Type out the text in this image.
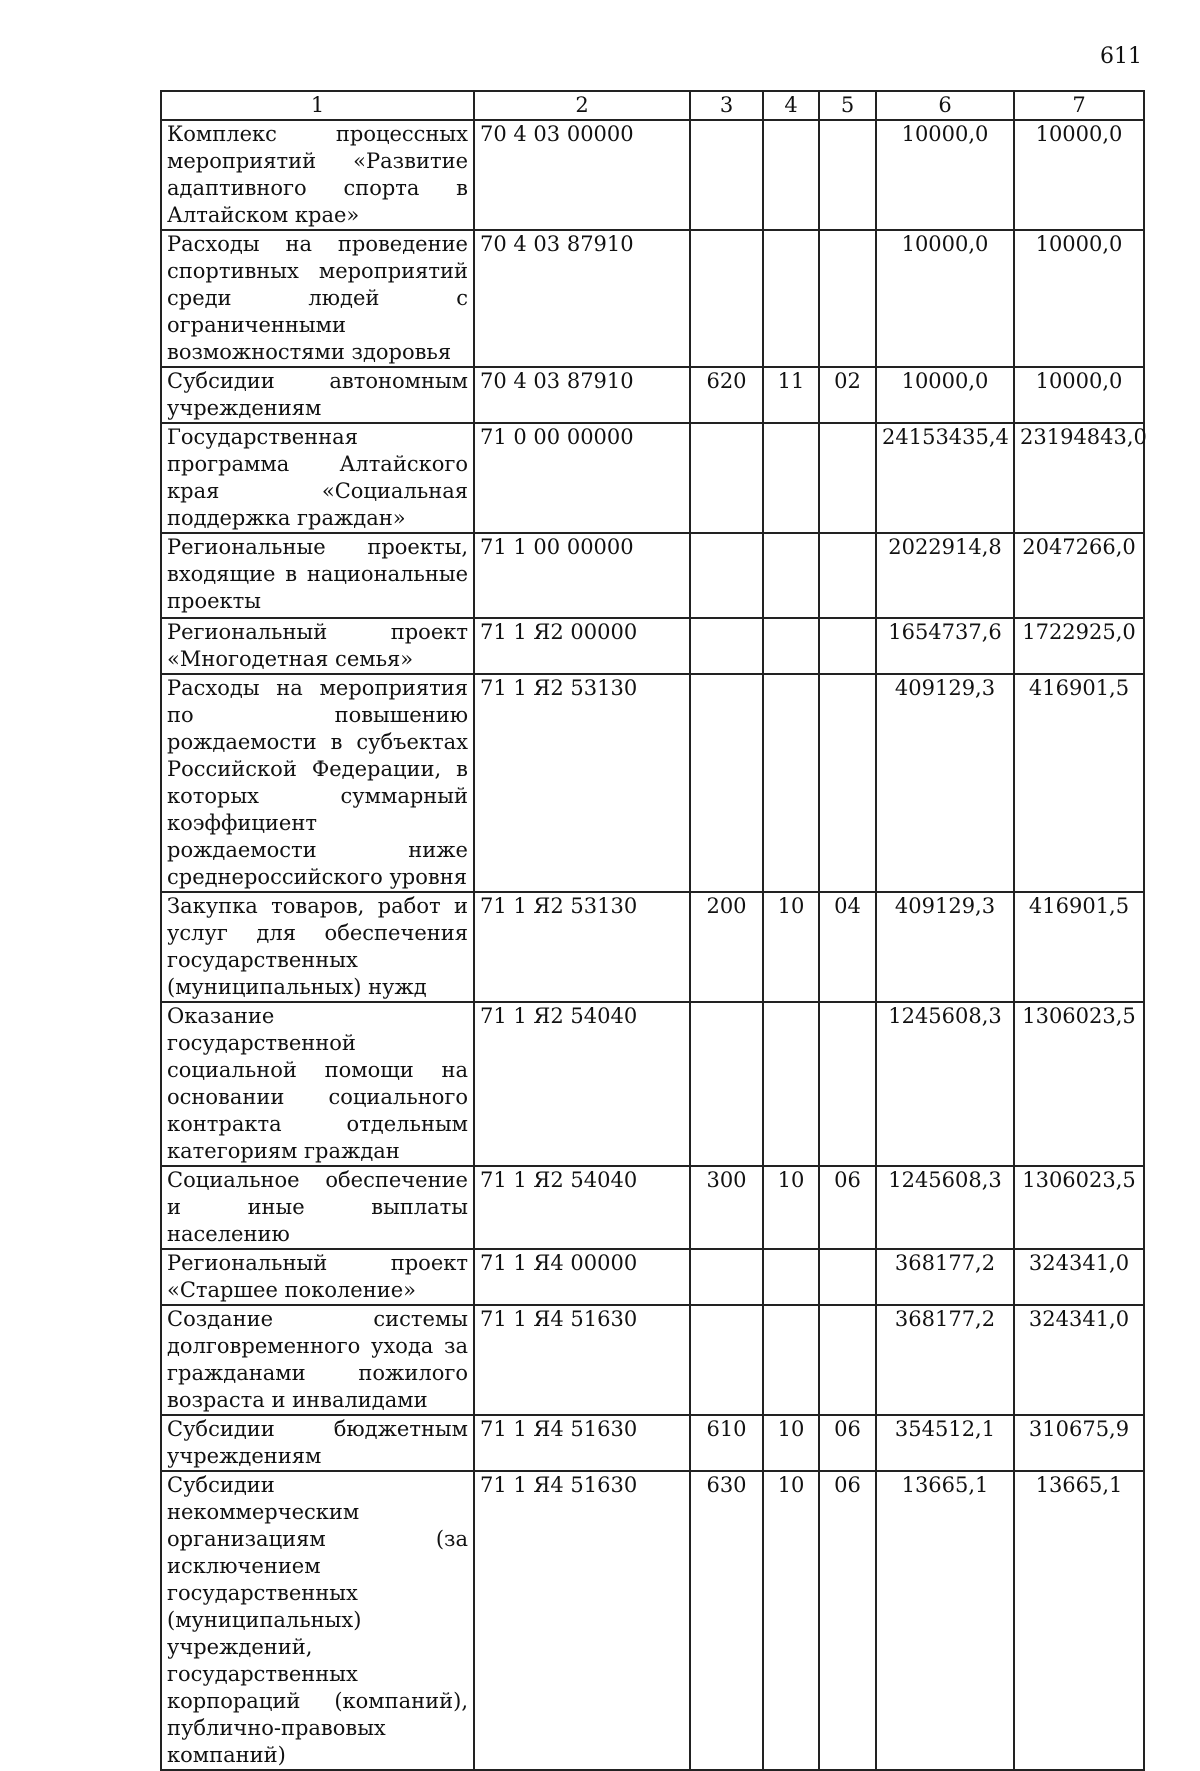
611
1	2	3	4	5	6	7
Комплекс процессных мероприятий «Развитие адаптивного спорта в Алтайском крае»	70 4 03 00000				10000,0	10000,0
Расходы на проведение спортивных мероприятий среди людей с ограниченными возможностями здоровья	70 4 03 87910				10000,0	10000,0
Субсидии автономным учреждениям	70 4 03 87910	620	11	02	10000,0	10000,0
Государственная программа Алтайского края «Социальная поддержка граждан»	71 0 00 00000				24153435,4	23194843,0
Региональные проекты, входящие в национальные проекты	71 1 00 00000				2022914,8	2047266,0
Региональный проект «Многодетная семья»	71 1 Я2 00000				1654737,6	1722925,0
Расходы на мероприятия по повышению рождаемости в субъектах Российской Федерации, в которых суммарный коэффициент рождаемости ниже среднероссийского уровня	71 1 Я2 53130				409129,3	416901,5
Закупка товаров, работ и услуг для обеспечения государственных (муниципальных) нужд	71 1 Я2 53130	200	10	04	409129,3	416901,5
Оказание государственной социальной помощи на основании социального контракта отдельным категориям граждан	71 1 Я2 54040				1245608,3	1306023,5
Социальное обеспечение и иные выплаты населению	71 1 Я2 54040	300	10	06	1245608,3	1306023,5
Региональный проект «Старшее поколение»	71 1 Я4 00000				368177,2	324341,0
Создание системы долговременного ухода за гражданами пожилого возраста и инвалидами	71 1 Я4 51630				368177,2	324341,0
Субсидии бюджетным учреждениям	71 1 Я4 51630	610	10	06	354512,1	310675,9
Субсидии некоммерческим организациям (за исключением государственных (муниципальных) учреждений, государственных корпораций (компаний), публично-правовых компаний)	71 1 Я4 51630	630	10	06	13665,1	13665,1
